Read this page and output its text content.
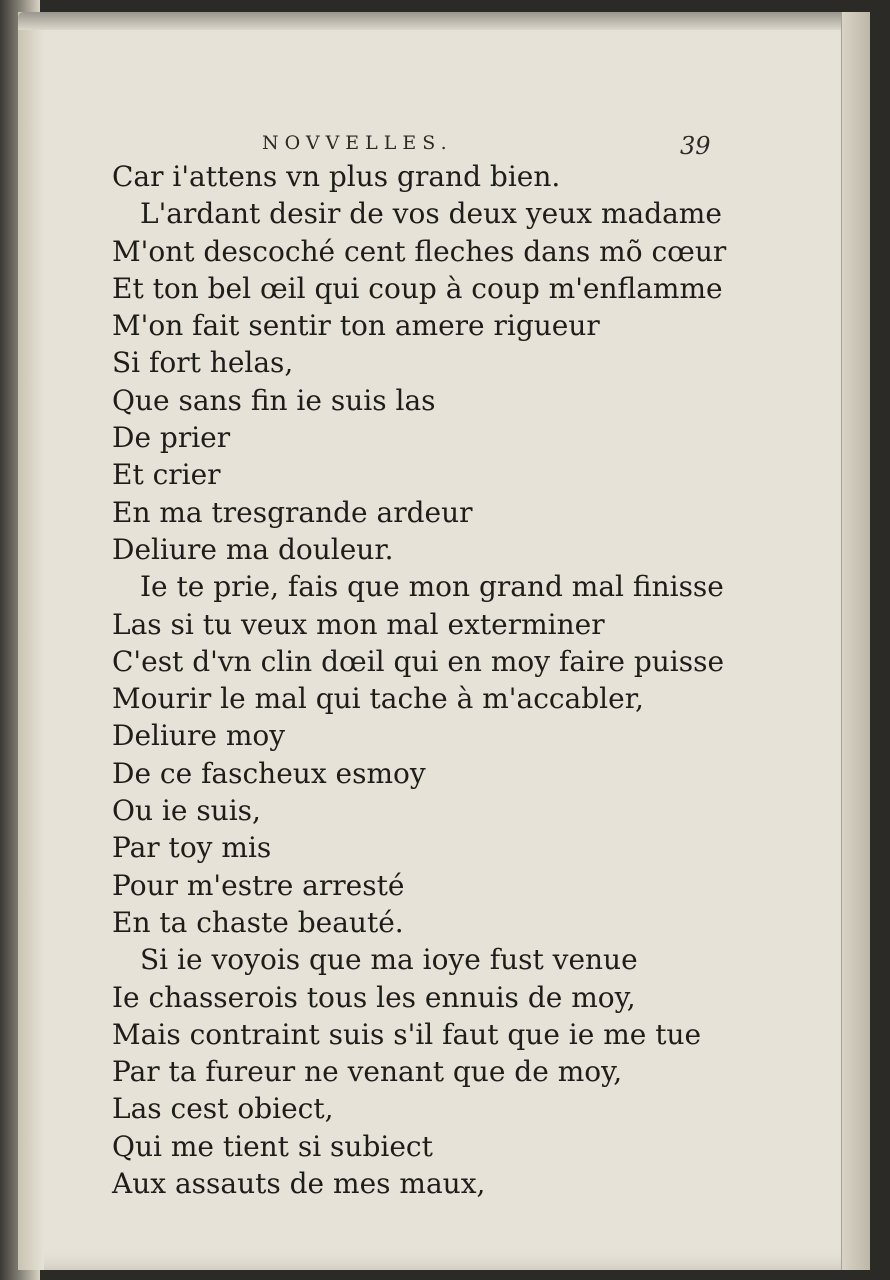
NOVVELLES.	39
Car i'attens vn plus grand bien.
L'ardant desir de vos deux yeux madame
M'ont descoché cent fleches dans mõ cœur
Et ton bel œil qui coup à coup m'enflamme
M'on fait sentir ton amere rigueur
Si fort helas,
Que sans fin ie suis las
De prier
Et crier
En ma tresgrande ardeur
Deliure ma douleur.
Ie te prie, fais que mon grand mal finisse
Las si tu veux mon mal exterminer
C'est d'vn clin dœil qui en moy faire puisse
Mourir le mal qui tache à m'accabler,
Deliure moy
De ce fascheux esmoy
Ou ie suis,
Par toy mis
Pour m'estre arresté
En ta chaste beauté.
Si ie voyois que ma ioye fust venue
Ie chasserois tous les ennuis de moy,
Mais contraint suis s'il faut que ie me tue
Par ta fureur ne venant que de moy,
Las cest obiect,
Qui me tient si subiect
Aux assauts de mes maux,
